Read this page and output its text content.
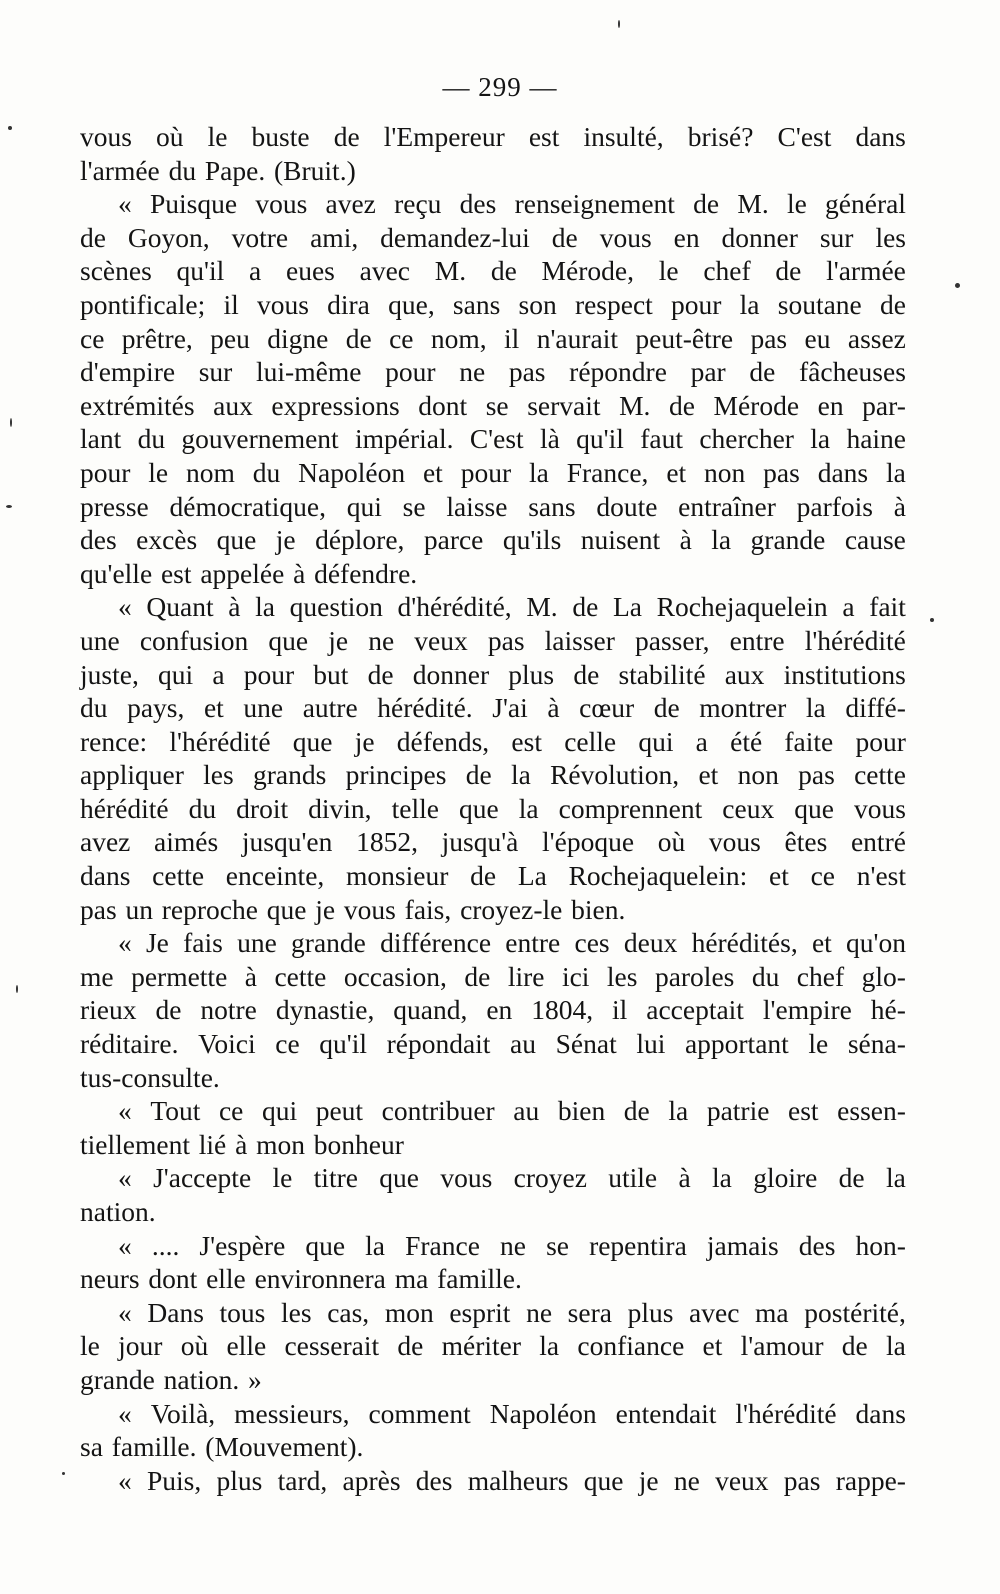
— 299 —
vous où le buste de l'Empereur est insulté, brisé? C'est dans
l'armée du Pape. (Bruit.)
« Puisque vous avez reçu des renseignement de M. le général
de Goyon, votre ami, demandez-lui de vous en donner sur les
scènes qu'il a eues avec M. de Mérode, le chef de l'armée
pontificale; il vous dira que, sans son respect pour la soutane de
ce prêtre, peu digne de ce nom, il n'aurait peut-être pas eu assez
d'empire sur lui-même pour ne pas répondre par de fâcheuses
extrémités aux expressions dont se servait M. de Mérode en par-
lant du gouvernement impérial. C'est là qu'il faut chercher la haine
pour le nom du Napoléon et pour la France, et non pas dans la
presse démocratique, qui se laisse sans doute entraîner parfois à
des excès que je déplore, parce qu'ils nuisent à la grande cause
qu'elle est appelée à défendre.
« Quant à la question d'hérédité, M. de La Rochejaquelein a fait
une confusion que je ne veux pas laisser passer, entre l'hérédité
juste, qui a pour but de donner plus de stabilité aux institutions
du pays, et une autre hérédité. J'ai à cœur de montrer la diffé-
rence: l'hérédité que je défends, est celle qui a été faite pour
appliquer les grands principes de la Révolution, et non pas cette
hérédité du droit divin, telle que la comprennent ceux que vous
avez aimés jusqu'en 1852, jusqu'à l'époque où vous êtes entré
dans cette enceinte, monsieur de La Rochejaquelein: et ce n'est
pas un reproche que je vous fais, croyez-le bien.
« Je fais une grande différence entre ces deux hérédités, et qu'on
me permette à cette occasion, de lire ici les paroles du chef glo-
rieux de notre dynastie, quand, en 1804, il acceptait l'empire hé-
réditaire. Voici ce qu'il répondait au Sénat lui apportant le séna-
tus-consulte.
« Tout ce qui peut contribuer au bien de la patrie est essen-
tiellement lié à mon bonheur
« J'accepte le titre que vous croyez utile à la gloire de la
nation.
« .... J'espère que la France ne se repentira jamais des hon-
neurs dont elle environnera ma famille.
« Dans tous les cas, mon esprit ne sera plus avec ma postérité,
le jour où elle cesserait de mériter la confiance et l'amour de la
grande nation. »
« Voilà, messieurs, comment Napoléon entendait l'hérédité dans
sa famille. (Mouvement).
« Puis, plus tard, après des malheurs que je ne veux pas rappe-
